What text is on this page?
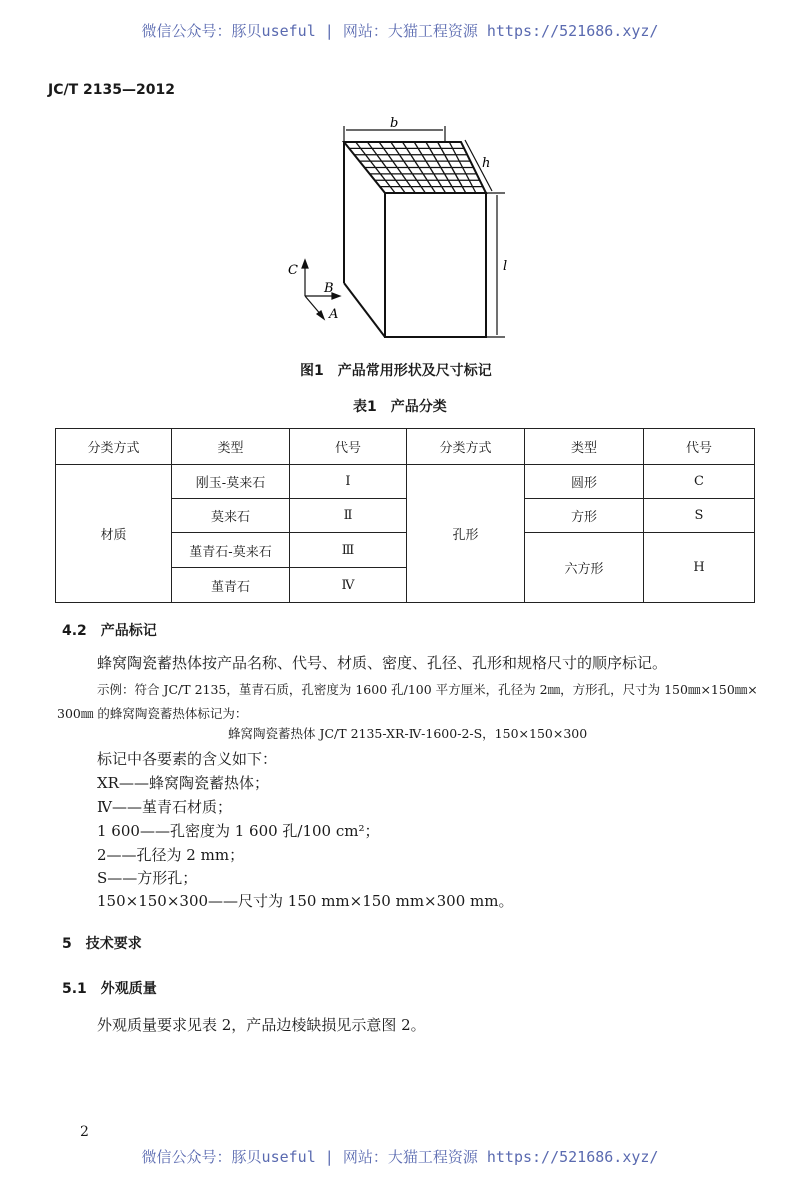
微信公众号：豚贝useful | 网站：大猫工程资源 https://521686.xyz/
JC/T 2135—2012
b
h
l
C
B
A
图1　产品常用形状及尺寸标记
表1　产品分类
分类方式	类型	代号	分类方式	类型	代号
材质	刚玉-莫来石	Ⅰ	孔形	圆形	C
	莫来石	Ⅱ		方形	S
	堇青石-莫来石	Ⅲ		六方形	H
	堇青石	Ⅳ			
4.2　产品标记
蜂窝陶瓷蓄热体按产品名称、代号、材质、密度、孔径、孔形和规格尺寸的顺序标记。
示例：符合 JC/T 2135，堇青石质，孔密度为 1600 孔/100 平方厘米，孔径为 2㎜，方形孔，尺寸为 150㎜×150㎜×
300㎜ 的蜂窝陶瓷蓄热体标记为：
蜂窝陶瓷蓄热体 JC/T 2135-XR-Ⅳ-1600-2-S，150×150×300
标记中各要素的含义如下：
XR——蜂窝陶瓷蓄热体；
Ⅳ——堇青石材质；
1 600——孔密度为 1 600 孔/100 cm²；
2——孔径为 2 mm；
S——方形孔；
150×150×300——尺寸为 150 mm×150 mm×300 mm。
5　技术要求
5.1　外观质量
外观质量要求见表 2，产品边棱缺损见示意图 2。
2
微信公众号：豚贝useful | 网站：大猫工程资源 https://521686.xyz/
